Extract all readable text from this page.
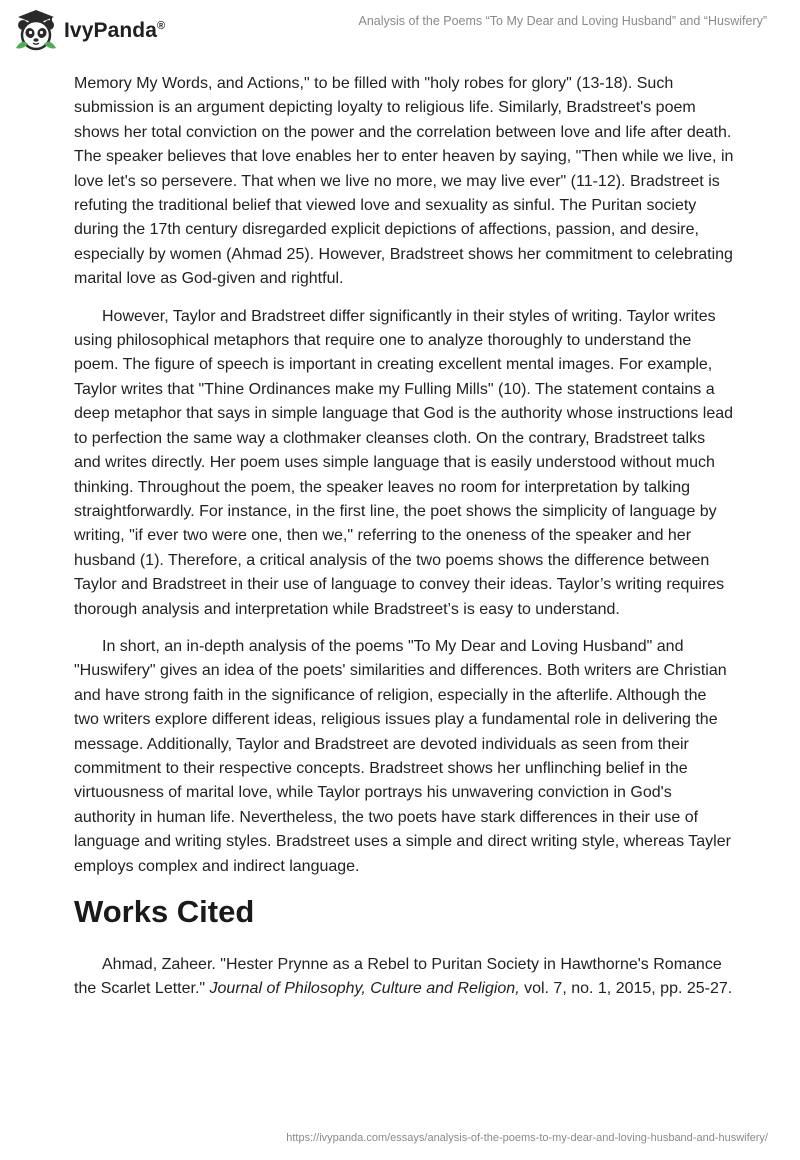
IvyPanda®	Analysis of the Poems “To My Dear and Loving Husband” and “Huswifery”

Memory My Words, and Actions," to be filled with "holy robes for glory" (13-18). Such submission is an argument depicting loyalty to religious life. Similarly, Bradstreet's poem shows her total conviction on the power and the correlation between love and life after death. The speaker believes that love enables her to enter heaven by saying, "Then while we live, in love let's so persevere. That when we live no more, we may live ever" (11-12). Bradstreet is refuting the traditional belief that viewed love and sexuality as sinful. The Puritan society during the 17th century disregarded explicit depictions of affections, passion, and desire, especially by women (Ahmad 25). However, Bradstreet shows her commitment to celebrating marital love as God-given and rightful.

However, Taylor and Bradstreet differ significantly in their styles of writing. Taylor writes using philosophical metaphors that require one to analyze thoroughly to understand the poem. The figure of speech is important in creating excellent mental images. For example, Taylor writes that "Thine Ordinances make my Fulling Mills" (10). The statement contains a deep metaphor that says in simple language that God is the authority whose instructions lead to perfection the same way a clothmaker cleanses cloth. On the contrary, Bradstreet talks and writes directly. Her poem uses simple language that is easily understood without much thinking. Throughout the poem, the speaker leaves no room for interpretation by talking straightforwardly. For instance, in the first line, the poet shows the simplicity of language by writing, "if ever two were one, then we," referring to the oneness of the speaker and her husband (1). Therefore, a critical analysis of the two poems shows the difference between Taylor and Bradstreet in their use of language to convey their ideas. Taylor’s writing requires thorough analysis and interpretation while Bradstreet’s is easy to understand.

In short, an in-depth analysis of the poems "To My Dear and Loving Husband" and "Huswifery" gives an idea of the poets' similarities and differences. Both writers are Christian and have strong faith in the significance of religion, especially in the afterlife. Although the two writers explore different ideas, religious issues play a fundamental role in delivering the message. Additionally, Taylor and Bradstreet are devoted individuals as seen from their commitment to their respective concepts. Bradstreet shows her unflinching belief in the virtuousness of marital love, while Taylor portrays his unwavering conviction in God's authority in human life. Nevertheless, the two poets have stark differences in their use of language and writing styles. Bradstreet uses a simple and direct writing style, whereas Tayler employs complex and indirect language.

Works Cited

Ahmad, Zaheer. "Hester Prynne as a Rebel to Puritan Society in Hawthorne's Romance the Scarlet Letter." Journal of Philosophy, Culture and Religion, vol. 7, no. 1, 2015, pp. 25-27.

https://ivypanda.com/essays/analysis-of-the-poems-to-my-dear-and-loving-husband-and-huswifery/
